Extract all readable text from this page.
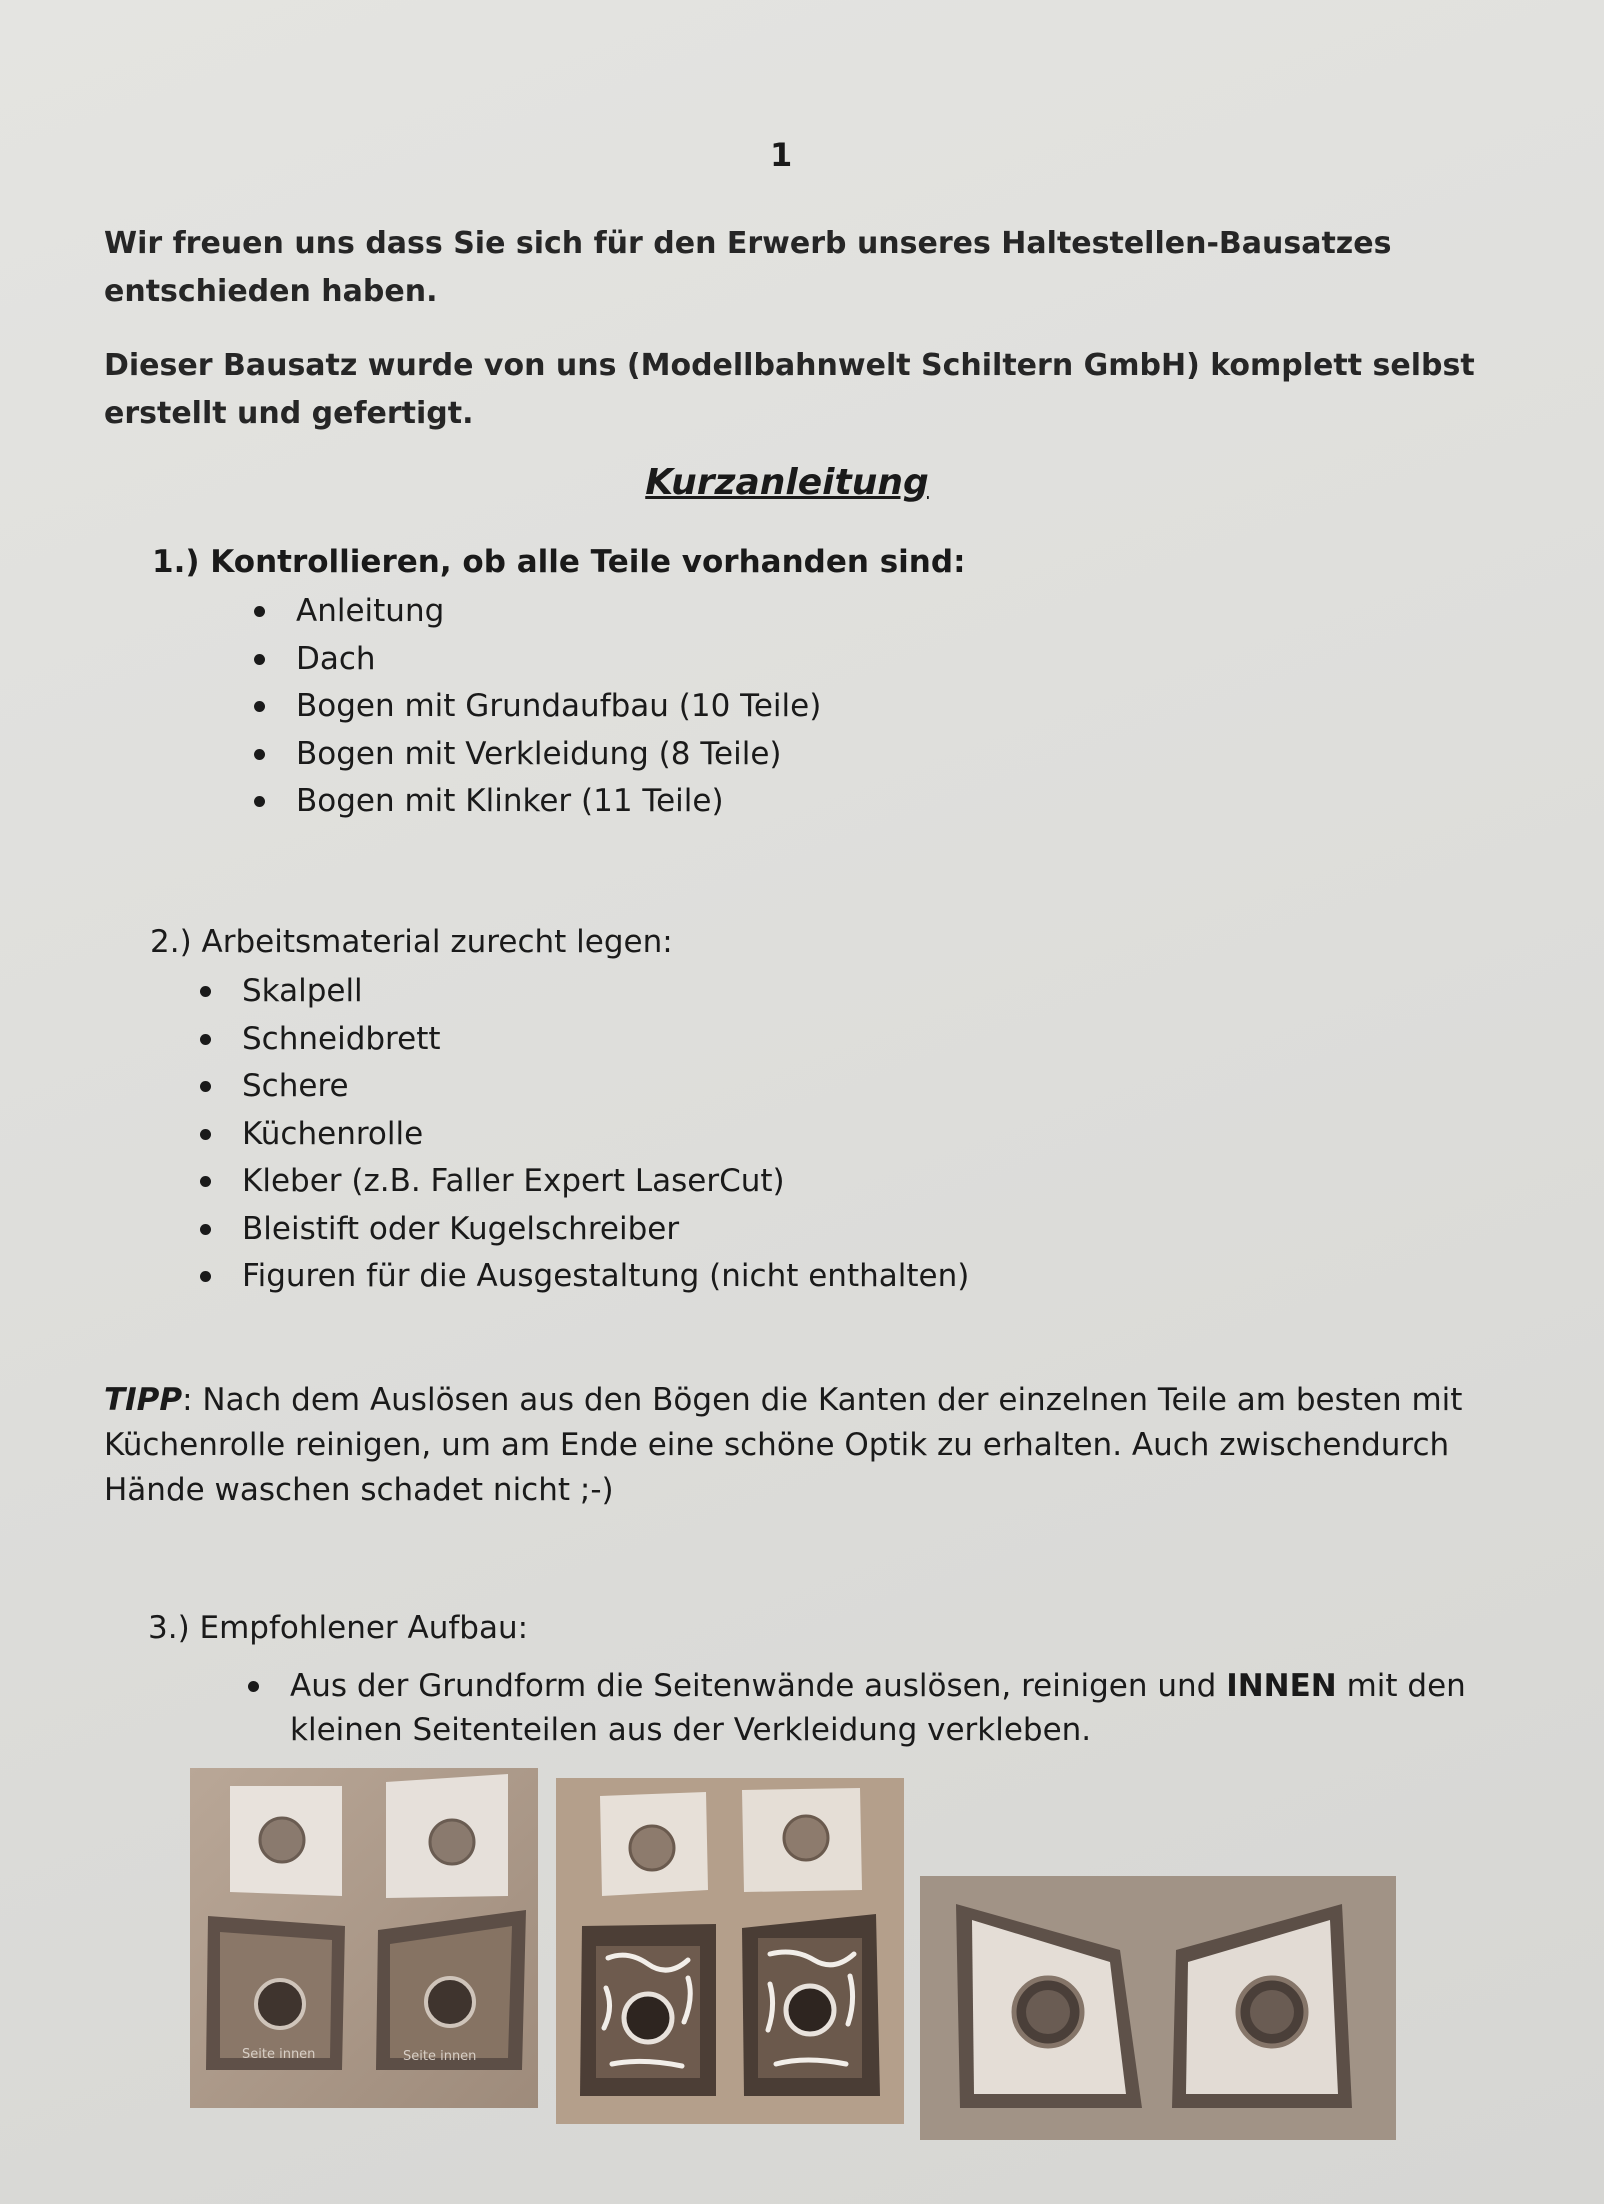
1
Wir freuen uns dass Sie sich für den Erwerb unseres Haltestellen-Bausatzes entschieden haben.
Dieser Bausatz wurde von uns (Modellbahnwelt Schiltern GmbH) komplett selbst erstellt und gefertigt.
Kurzanleitung
1.) Kontrollieren, ob alle Teile vorhanden sind:
Anleitung
Dach
Bogen mit Grundaufbau (10 Teile)
Bogen mit Verkleidung (8 Teile)
Bogen mit Klinker (11 Teile)
2.) Arbeitsmaterial zurecht legen:
Skalpell
Schneidbrett
Schere
Küchenrolle
Kleber (z.B. Faller Expert LaserCut)
Bleistift oder Kugelschreiber
Figuren für die Ausgestaltung (nicht enthalten)
TIPP: Nach dem Auslösen aus den Bögen die Kanten der einzelnen Teile am besten mit Küchenrolle reinigen, um am Ende eine schöne Optik zu erhalten. Auch zwischendurch Hände waschen schadet nicht ;-)
3.) Empfohlener Aufbau:
Aus der Grundform die Seitenwände auslösen, reinigen und INNEN mit den kleinen Seitenteilen aus der Verkleidung verkleben.
Seite innen	Seite innen
